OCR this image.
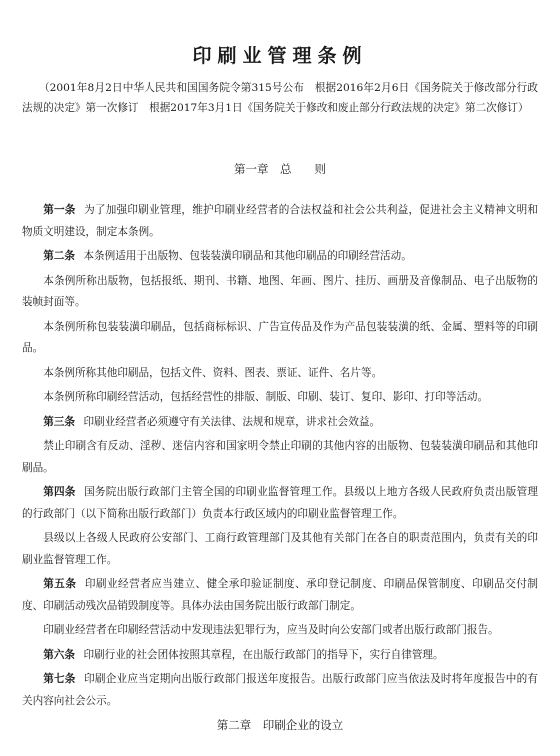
印刷业管理条例
（2001年8月2日中华人民共和国国务院令第315号公布　根据2016年2月6日《国务院关于修改部分行政法规的决定》第一次修订　根据2017年3月1日《国务院关于修改和废止部分行政法规的决定》第二次修订）
第一章　总　　则

第一条 为了加强印刷业管理，维护印刷业经营者的合法权益和社会公共利益，促进社会主义精神文明和物质文明建设，制定本条例。

第二条 本条例适用于出版物、包装装潢印刷品和其他印刷品的印刷经营活动。

本条例所称出版物，包括报纸、期刊、书籍、地图、年画、图片、挂历、画册及音像制品、电子出版物的装帧封面等。

本条例所称包装装潢印刷品，包括商标标识、广告宣传品及作为产品包装装潢的纸、金属、塑料等的印刷品。

本条例所称其他印刷品，包括文件、资料、图表、票证、证件、名片等。

本条例所称印刷经营活动，包括经营性的排版、制版、印刷、装订、复印、影印、打印等活动。

第三条 印刷业经营者必须遵守有关法律、法规和规章，讲求社会效益。

禁止印刷含有反动、淫秽、迷信内容和国家明令禁止印刷的其他内容的出版物、包装装潢印刷品和其他印刷品。

第四条 国务院出版行政部门主管全国的印刷业监督管理工作。县级以上地方各级人民政府负责出版管理的行政部门（以下简称出版行政部门）负责本行政区域内的印刷业监督管理工作。

县级以上各级人民政府公安部门、工商行政管理部门及其他有关部门在各自的职责范围内，负责有关的印刷业监督管理工作。

第五条 印刷业经营者应当建立、健全承印验证制度、承印登记制度、印刷品保管制度、印刷品交付制度、印刷活动残次品销毁制度等。具体办法由国务院出版行政部门制定。

印刷业经营者在印刷经营活动中发现违法犯罪行为，应当及时向公安部门或者出版行政部门报告。

第六条 印刷行业的社会团体按照其章程，在出版行政部门的指导下，实行自律管理。

第七条 印刷企业应当定期向出版行政部门报送年度报告。出版行政部门应当依法及时将年度报告中的有关内容向社会公示。

第二章　印刷企业的设立
